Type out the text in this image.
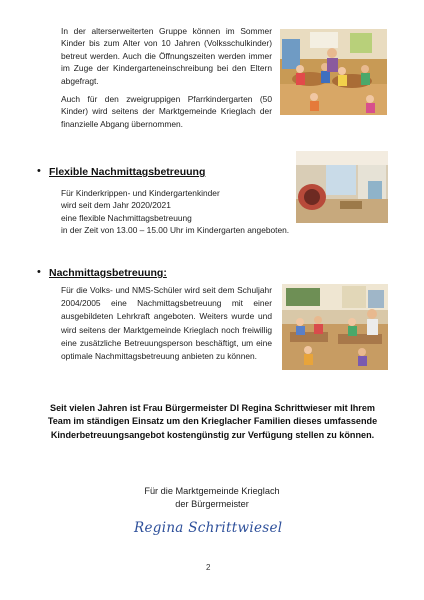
In der alterserweiterten Gruppe können im Sommer Kinder bis zum Alter von 10 Jahren (Volksschulkinder) betreut werden. Auch die Öffnungszeiten werden immer im Zuge der Kindergarteneinschreibung bei den Eltern abgefragt.

Auch für den zweigruppigen Pfarrkindergarten (50 Kinder) wird seitens der Marktgemeinde Krieglach der finanzielle Abgang übernommen.

• Flexible Nachmittagsbetreuung

Für Kinderkrippen- und Kindergartenkinder

wird seit dem Jahr 2020/2021

eine flexible Nachmittagsbetreuung

in der Zeit von 13.00 – 15.00 Uhr im Kindergarten angeboten.

• Nachmittagsbetreuung:

Für die Volks- und NMS-Schüler wird seit dem Schuljahr 2004/2005 eine Nachmittagsbetreuung mit einer ausgebildeten Lehrkraft angeboten. Weiters wurde und wird seitens der Marktgemeinde Krieglach noch freiwillig eine zusätzliche Betreuungsperson beschäftigt, um eine optimale Nachmittagsbetreuung anbieten zu können.

Seit vielen Jahren ist Frau Bürgermeister DI Regina Schrittwieser mit Ihrem Team im ständigen Einsatz um den Krieglacher Familien dieses umfassende Kinderbetreuungsangebot kostengünstig zur Verfügung stellen zu können.
Für die Marktgemeinde Krieglach
der Bürgermeister
Regina Schrittwiesel
2
